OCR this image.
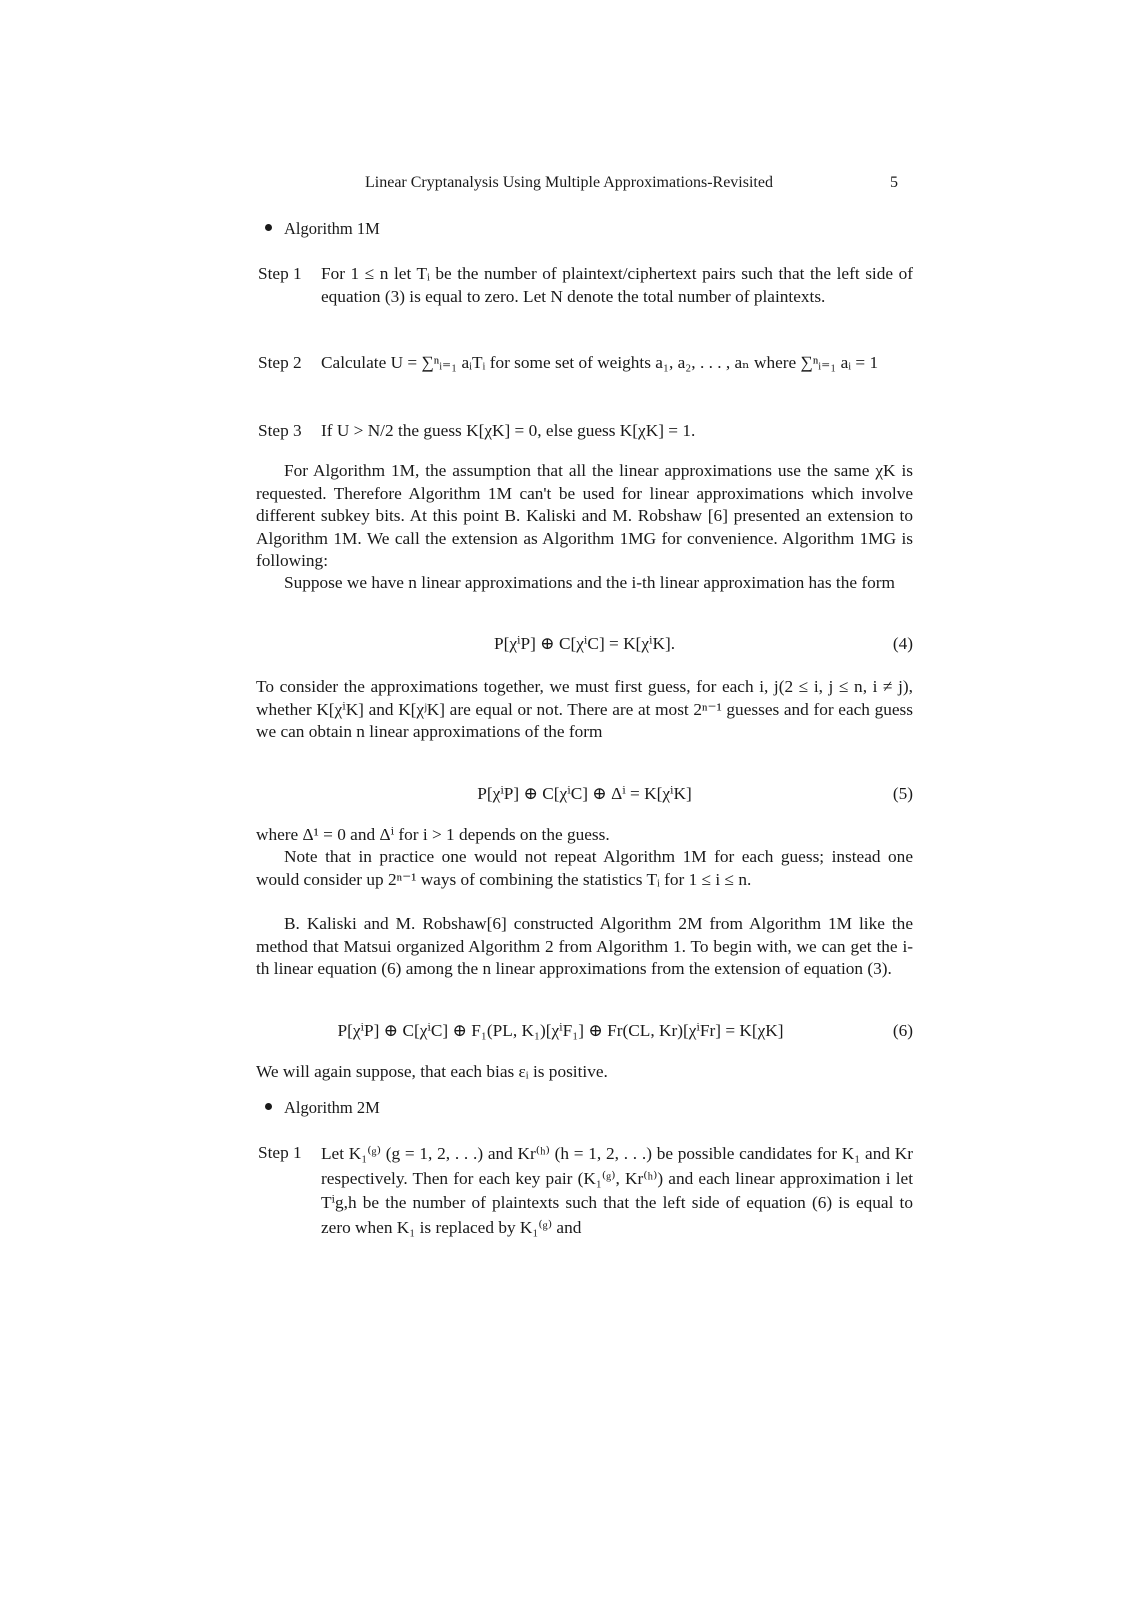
Linear Cryptanalysis Using Multiple Approximations-Revisited	5
Algorithm 1M
Step 1 For 1 ≤ n let Tᵢ be the number of plaintext/ciphertext pairs such that the left side of equation (3) is equal to zero. Let N denote the total number of plaintexts.
Step 2 Calculate U = ∑ⁿᵢ₌₁ aᵢTᵢ for some set of weights a₁, a₂, . . . , aₙ where ∑ⁿᵢ₌₁ aᵢ = 1
Step 3 If U > N/2 the guess K[χK] = 0, else guess K[χK] = 1.
For Algorithm 1M, the assumption that all the linear approximations use the same χK is requested. Therefore Algorithm 1M can't be used for linear approximations which involve different subkey bits. At this point B. Kaliski and M. Robshaw [6] presented an extension to Algorithm 1M. We call the extension as Algorithm 1MG for convenience. Algorithm 1MG is following:
Suppose we have n linear approximations and the i-th linear approximation has the form
P[χⁱP] ⊕ C[χⁱC] = K[χⁱK].	(4)
To consider the approximations together, we must first guess, for each i, j(2 ≤ i, j ≤ n, i ≠ j), whether K[χⁱK] and K[χʲK] are equal or not. There are at most 2ⁿ⁻¹ guesses and for each guess we can obtain n linear approximations of the form
P[χⁱP] ⊕ C[χⁱC] ⊕ Δⁱ = K[χⁱK]	(5)
where Δ¹ = 0 and Δⁱ for i > 1 depends on the guess.
Note that in practice one would not repeat Algorithm 1M for each guess; instead one would consider up 2ⁿ⁻¹ ways of combining the statistics Tᵢ for 1 ≤ i ≤ n.
B. Kaliski and M. Robshaw[6] constructed Algorithm 2M from Algorithm 1M like the method that Matsui organized Algorithm 2 from Algorithm 1. To begin with, we can get the i-th linear equation (6) among the n linear approximations from the extension of equation (3).
P[χⁱP] ⊕ C[χⁱC] ⊕ F₁(PL, K₁)[χⁱF₁] ⊕ Fr(CL, Kr)[χⁱFr] = K[χK]	(6)
We will again suppose, that each bias εᵢ is positive.
Algorithm 2M
Step 1 Let K₁⁽ᵍ⁾ (g = 1, 2, . . .) and Kr⁽ʰ⁾ (h = 1, 2, . . .) be possible candidates for K₁ and Kr respectively. Then for each key pair (K₁⁽ᵍ⁾, Kr⁽ʰ⁾) and each linear approximation i let Tⁱg,h be the number of plaintexts such that the left side of equation (6) is equal to zero when K₁ is replaced by K₁⁽ᵍ⁾ and
